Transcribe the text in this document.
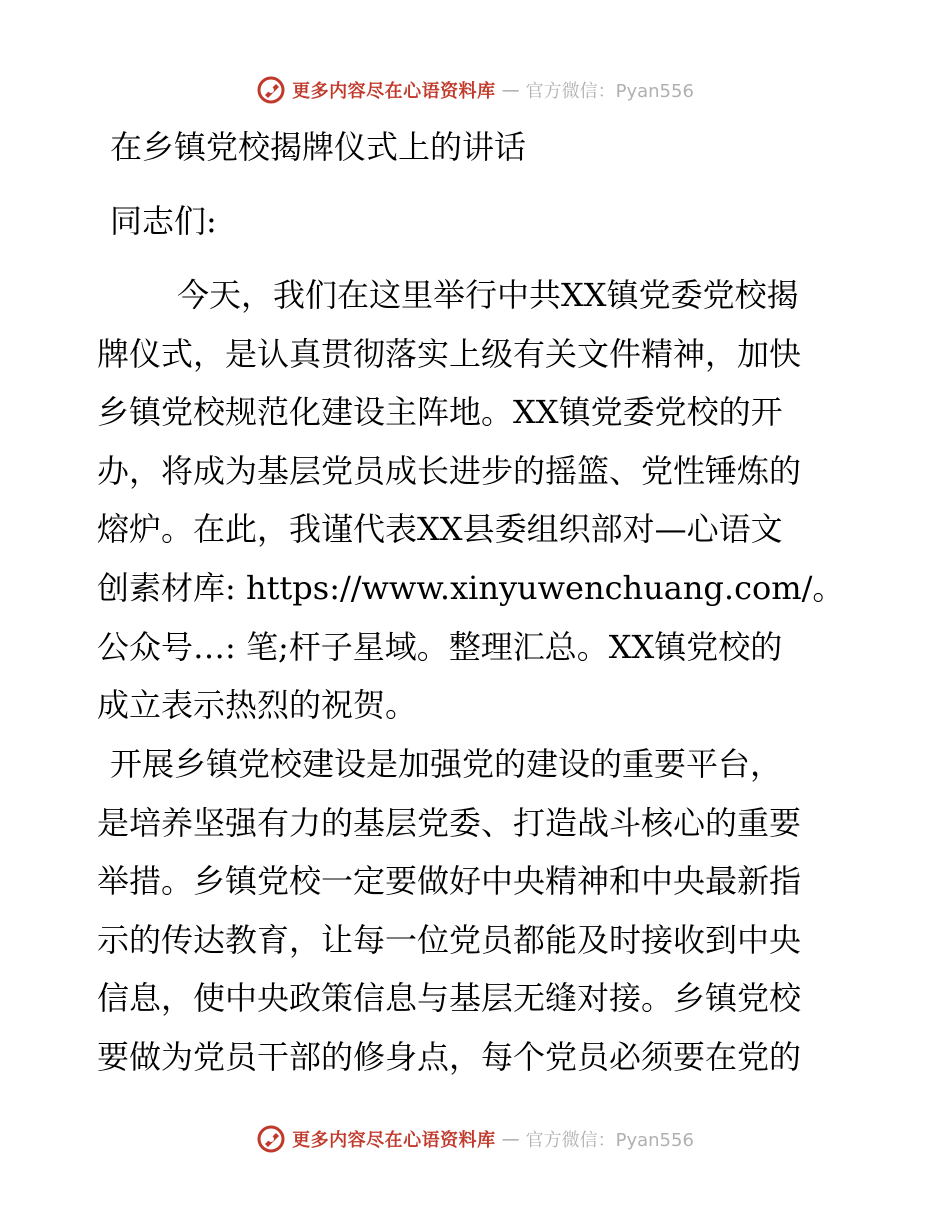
更多内容尽在心语资料库 — 官方微信：Pyan556
在乡镇党校揭牌仪式上的讲话
同志们:
今天，我们在这里举行中共XX镇党委党校揭
牌仪式，是认真贯彻落实上级有关文件精神，加快
乡镇党校规范化建设主阵地。XX镇党委党校的开
办，将成为基层党员成长进步的摇篮、党性锤炼的
熔炉。在此，我谨代表XX县委组织部对—心语文
创素材库: https://www.xinyuwenchuang.com/。
公众号…: 笔;杆子星域。整理汇总。XX镇党校的
成立表示热烈的祝贺。
开展乡镇党校建设是加强党的建设的重要平台，
是培养坚强有力的基层党委、打造战斗核心的重要
举措。乡镇党校一定要做好中央精神和中央最新指
示的传达教育，让每一位党员都能及时接收到中央
信息，使中央政策信息与基层无缝对接。乡镇党校
要做为党员干部的修身点，每个党员必须要在党的
更多内容尽在心语资料库 — 官方微信：Pyan556
